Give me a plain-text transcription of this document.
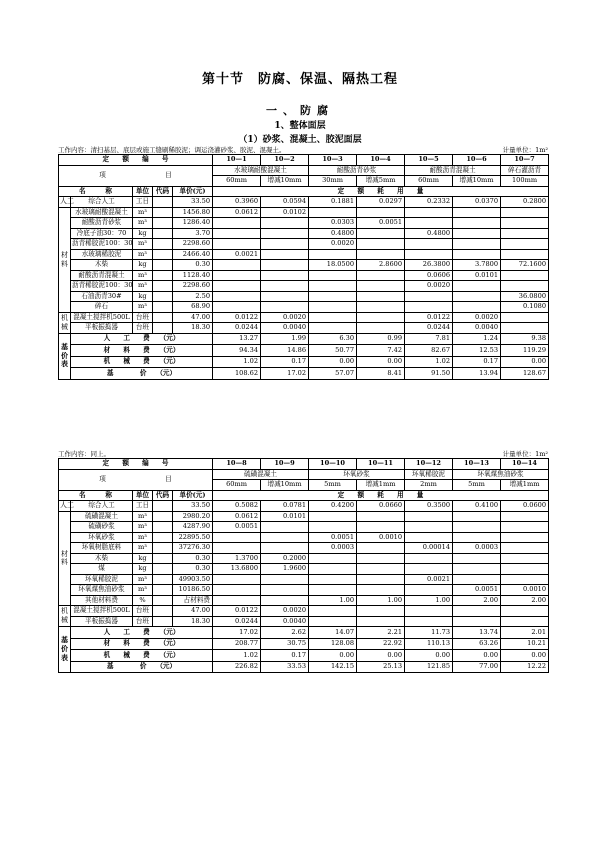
第十节　防腐、保温、隔热工程
一、防腐
1、整体面层
（1）砂浆、混凝土、胶泥面层
工作内容：清扫基层、底层或施工缝刷稀胶泥；调运浇灌砂浆、胶泥、混凝土。	计量单位：1m²
定　　额　　编　　号					10—1	10—2	10—3	10—4	10—5	10—6	10—7
项　　　　　　　　　目					水玻璃耐酸混凝土		耐酸沥青砂浆		耐酸沥青混凝土		碎石灌沥青
					60mm	增减10mm	30mm	增减5mm	60mm	增减10mm	100mm
名　　　称		单位	代码	单价(元)	定　　额　　耗　　用　　量						
人工	综合人工	工日		33.50	0.3960	0.0594	0.1881	0.0297	0.2332	0.0370	0.2800
材
料	水玻璃耐酸混凝土	m³		1456.80	0.0612	0.0102					
	耐酸沥青砂浆	m³		1286.40			0.0303	0.0051			
	冷底子油30：70	kg		3.70			0.4800		0.4800		
	沥青稀胶泥100：30	m³		2298.60			0.0020				
	水玻璃稀胶泥	m³		2466.40	0.0021						
	木柴	kg		0.30			18.0500	2.8600	26.3800	3.7800	72.1600
	耐酸沥青混凝土	m³		1128.40					0.0606	0.0101	
	沥青稀胶泥100：30	m³		2298.60					0.0020		
	石油沥青30#	kg		2.50							36.0800
	碎石	m³		68.90							0.1080
机
械	混凝土搅拌机500L	台班		47.00	0.0122	0.0020			0.0122	0.0020	
	平板振捣器	台班		18.30	0.0244	0.0040			0.0244	0.0040	
基
价
表	人　　工　　费　　（元）				13.27	1.99	6.30	0.99	7.81	1.24	9.38
	材　　料　　费　　（元）				94.34	14.86	50.77	7.42	82.67	12.53	119.29
	机　　械　　费　　（元）				1.02	0.17	0.00	0.00	1.02	0.17	0.00
	基　　　　价　　（元）				108.62	17.02	57.07	8.41	91.50	13.94	128.67
工作内容：同上。	计量单位：1m²
定　　额　　编　　号					10—8	10—9	10—10	10—11	10—12	10—13	10—14
项　　　　　　　　　目					硫磺混凝土		环氧砂浆		环氧稀胶泥	环氧煤焦油砂浆	
					60mm	增减10mm	5mm	增减1mm	2mm	5mm	增减1mm
名　　　称		单位	代码	单价(元)	定　　额　　耗　　用　　量						
人工	综合人工	工日		33.50	0.5082	0.0781	0.4200	0.0660	0.3500	0.4100	0.0600
材
料	硫磺混凝土	m³		2980.20	0.0612	0.0101					
	硫磺砂浆	m³		4287.90	0.0051						
	环氧砂浆	m³		22895.50			0.0051	0.0010			
	环氧树脂底料	m³		37276.30			0.0003		0.00014	0.0003	
	木柴	kg		0.30	1.3700	0.2000					
	煤	kg		0.30	13.6800	1.9600					
	环氧稀胶泥	m³		49903.50					0.0021		
	环氧煤焦油砂浆	m³		10186.50						0.0051	0.0010
	其他材料费	%		占材料费			1.00	1.00	1.00	2.00	2.00
机
械	混凝土搅拌机500L	台班		47.00	0.0122	0.0020					
	平板振捣器	台班		18.30	0.0244	0.0040					
基
价
表	人　　工　　费　　（元）				17.02	2.62	14.07	2.21	11.73	13.74	2.01
	材　　料　　费　　（元）				208.77	30.75	128.08	22.92	110.13	63.26	10.21
	机　　械　　费　　（元）				1.02	0.17	0.00	0.00	0.00	0.00	0.00
	基　　　　价　　（元）				226.82	33.53	142.15	25.13	121.85	77.00	12.22
